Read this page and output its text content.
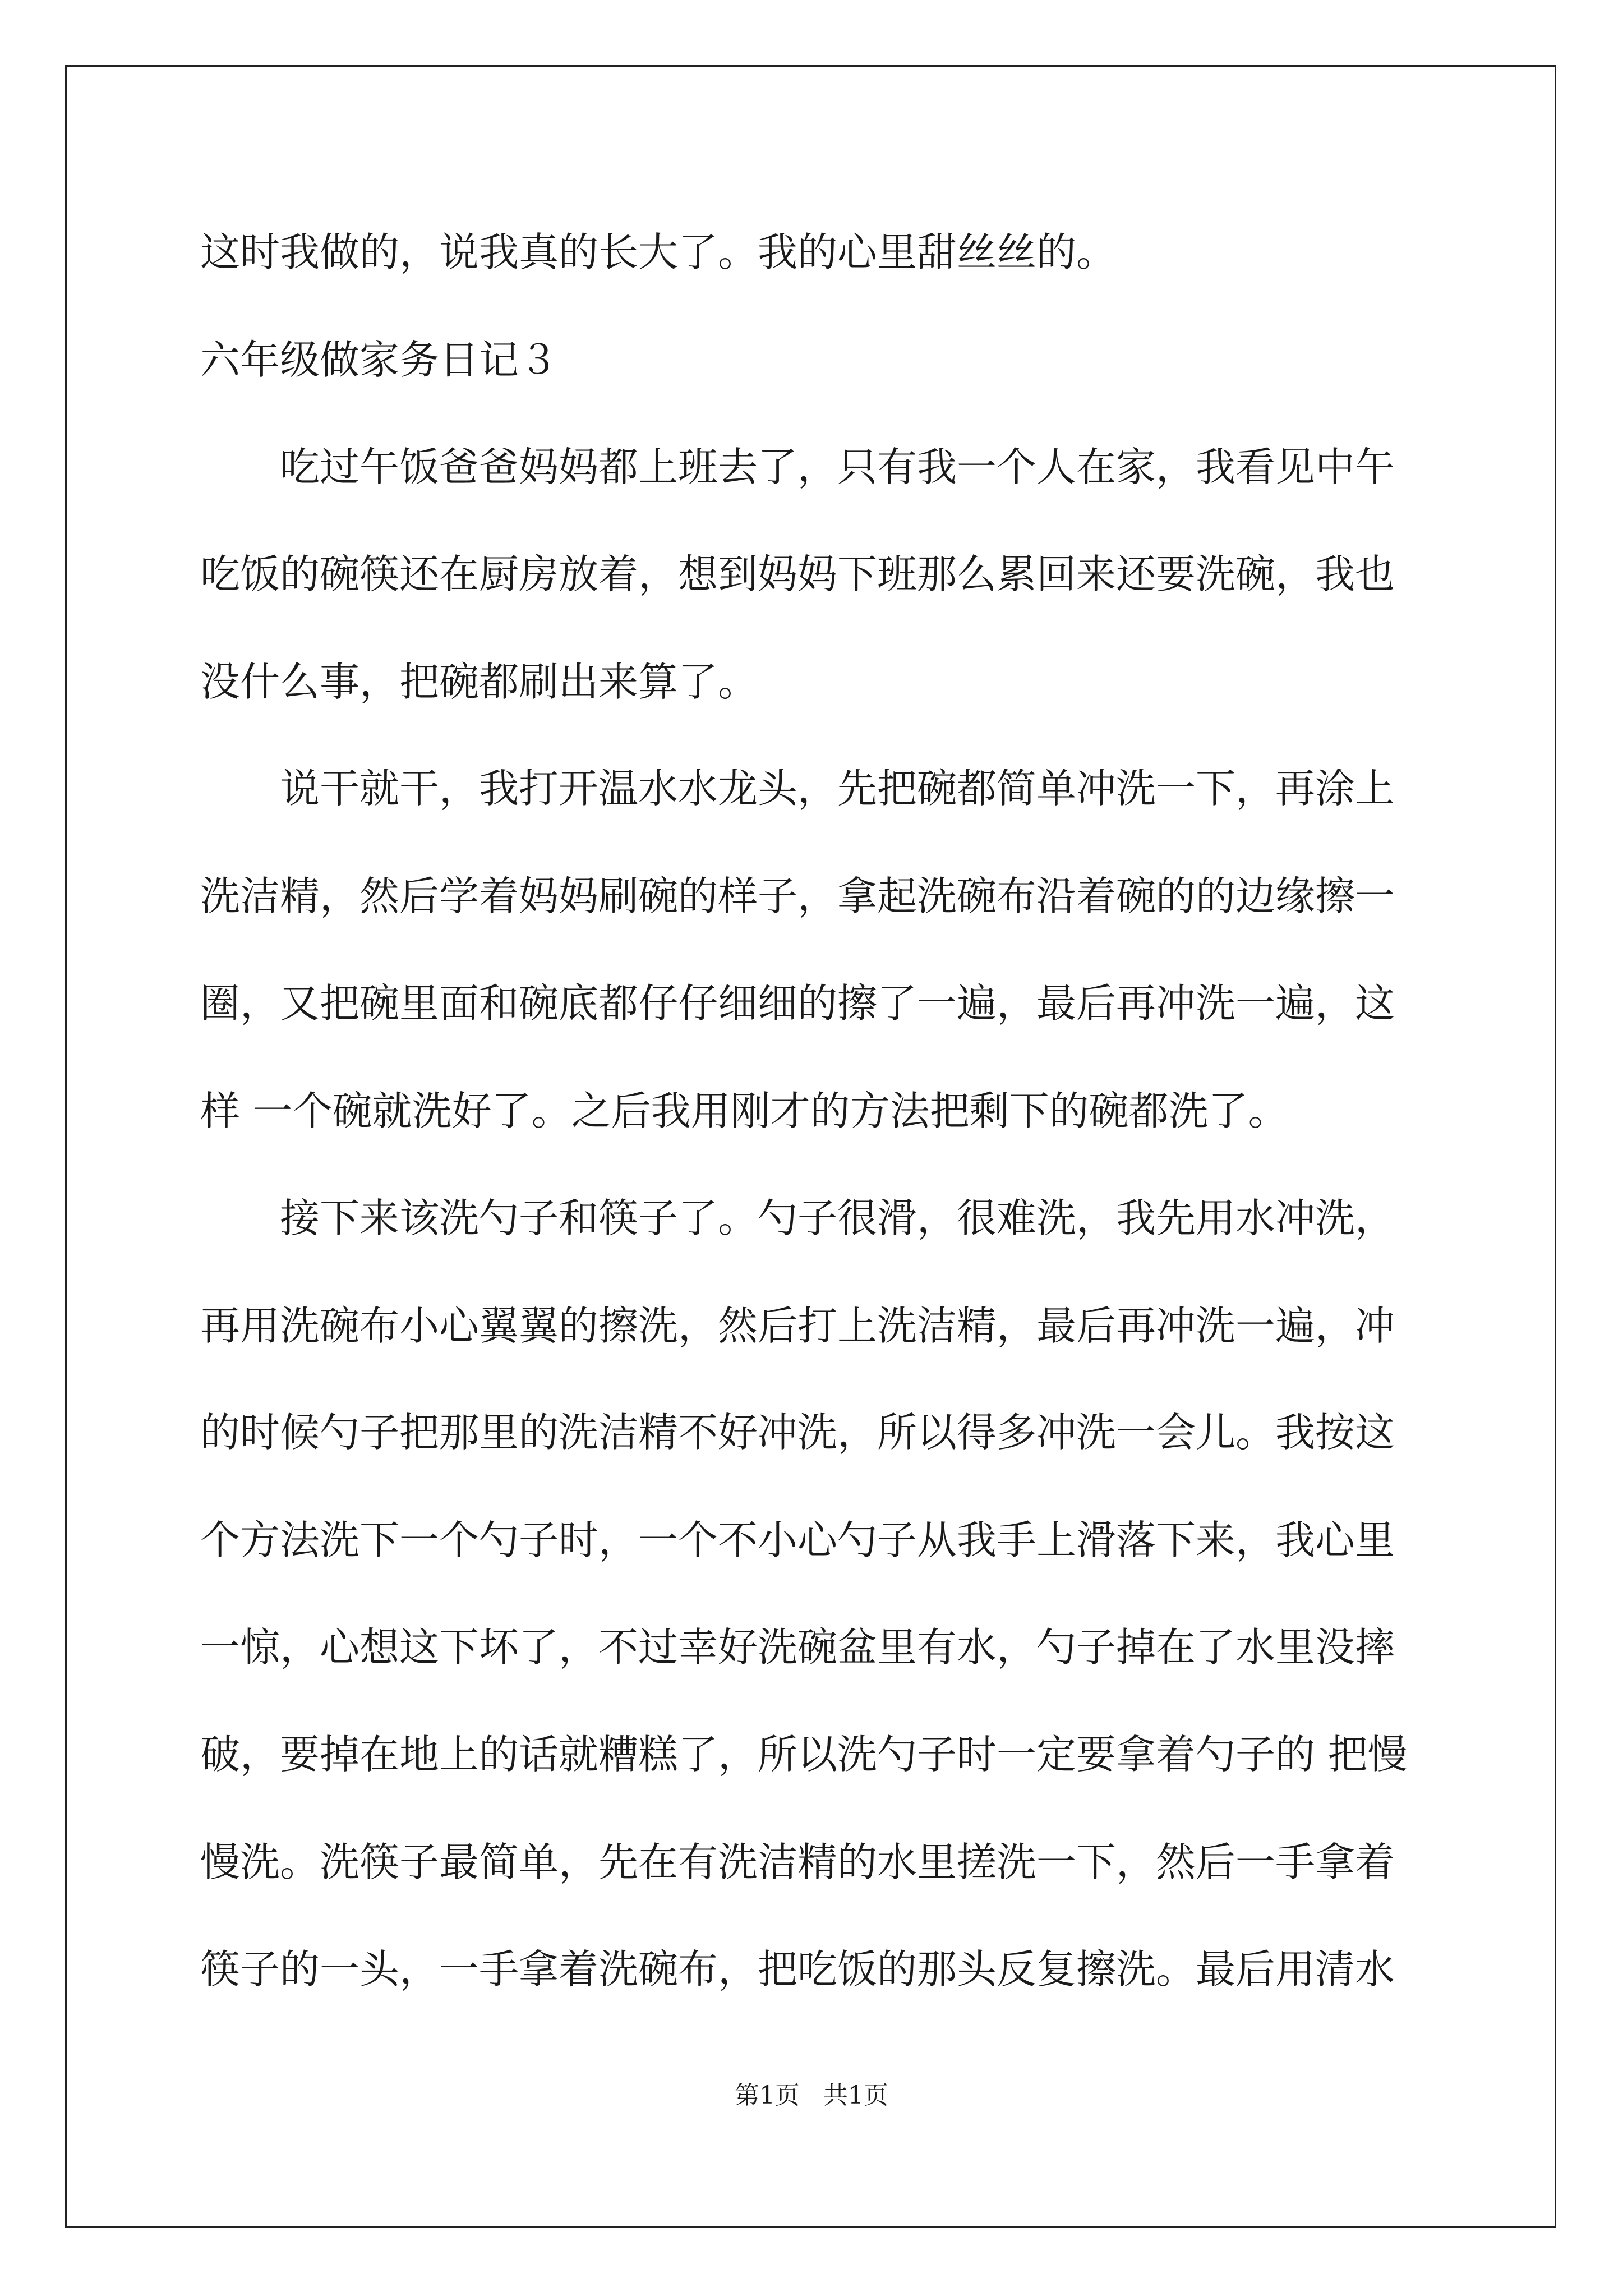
这时我做的，说我真的长大了。我的心里甜丝丝的。
六年级做家务日记３
　　吃过午饭爸爸妈妈都上班去了，只有我一个人在家，我看见中午
吃饭的碗筷还在厨房放着，想到妈妈下班那么累回来还要洗碗，我也
没什么事，把碗都刷出来算了。
　　说干就干，我打开温水水龙头，先把碗都简单冲洗一下，再涂上
洗洁精，然后学着妈妈刷碗的样子，拿起洗碗布沿着碗的的边缘擦一
圈，又把碗里面和碗底都仔仔细细的擦了一遍，最后再冲洗一遍，这
样 一个碗就洗好了。之后我用刚才的方法把剩下的碗都洗了。
　　接下来该洗勺子和筷子了。勺子很滑，很难洗，我先用水冲洗，
再用洗碗布小心翼翼的擦洗，然后打上洗洁精，最后再冲洗一遍，冲
的时候勺子把那里的洗洁精不好冲洗，所以得多冲洗一会儿。我按这
个方法洗下一个勺子时，一个不小心勺子从我手上滑落下来，我心里
一惊，心想这下坏了，不过幸好洗碗盆里有水，勺子掉在了水里没摔
破，要掉在地上的话就糟糕了，所以洗勺子时一定要拿着勺子的 把慢
慢洗。洗筷子最简单，先在有洗洁精的水里搓洗一下，然后一手拿着
筷子的一头，一手拿着洗碗布，把吃饭的那头反复擦洗。最后用清水
第1页   共1页
